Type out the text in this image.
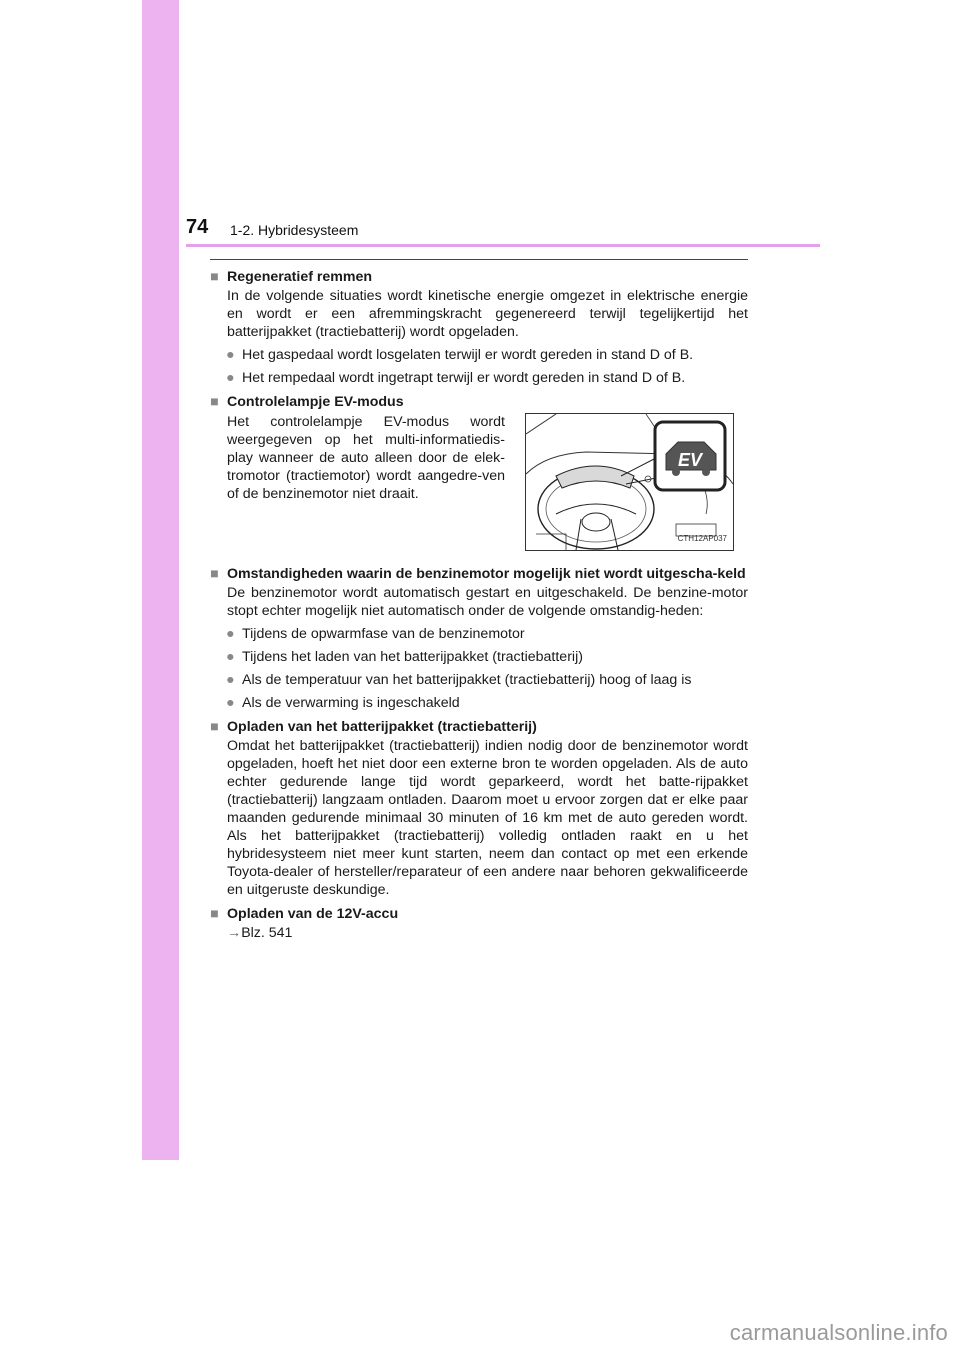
74 1-2. Hybridesysteem
■ Regeneratief remmen
In de volgende situaties wordt kinetische energie omgezet in elektrische energie en wordt er een afremmingskracht gegenereerd terwijl tegelijkertijd het batterijpakket (tractiebatterij) wordt opgeladen.
● Het gaspedaal wordt losgelaten terwijl er wordt gereden in stand D of B.
● Het rempedaal wordt ingetrapt terwijl er wordt gereden in stand D of B.
■ Controlelampje EV-modus
Het controlelampje EV-modus wordt weergegeven op het multi-informatiedis-play wanneer de auto alleen door de elek-tromotor (tractiemotor) wordt aangedre-ven of de benzinemotor niet draait.
EV
CTH12AP037
■ Omstandigheden waarin de benzinemotor mogelijk niet wordt uitgescha-keld
De benzinemotor wordt automatisch gestart en uitgeschakeld. De benzine-motor stopt echter mogelijk niet automatisch onder de volgende omstandig-heden:
● Tijdens de opwarmfase van de benzinemotor
● Tijdens het laden van het batterijpakket (tractiebatterij)
● Als de temperatuur van het batterijpakket (tractiebatterij) hoog of laag is
● Als de verwarming is ingeschakeld
■ Opladen van het batterijpakket (tractiebatterij)
Omdat het batterijpakket (tractiebatterij) indien nodig door de benzinemotor wordt opgeladen, hoeft het niet door een externe bron te worden opgeladen. Als de auto echter gedurende lange tijd wordt geparkeerd, wordt het batte-rijpakket (tractiebatterij) langzaam ontladen. Daarom moet u ervoor zorgen dat er elke paar maanden gedurende minimaal 30 minuten of 16 km met de auto gereden wordt. Als het batterijpakket (tractiebatterij) volledig ontladen raakt en u het hybridesysteem niet meer kunt starten, neem dan contact op met een erkende Toyota-dealer of hersteller/reparateur of een andere naar behoren gekwalificeerde en uitgeruste deskundige.
■ Opladen van de 12V-accu
→Blz. 541
carmanualsonline.info
